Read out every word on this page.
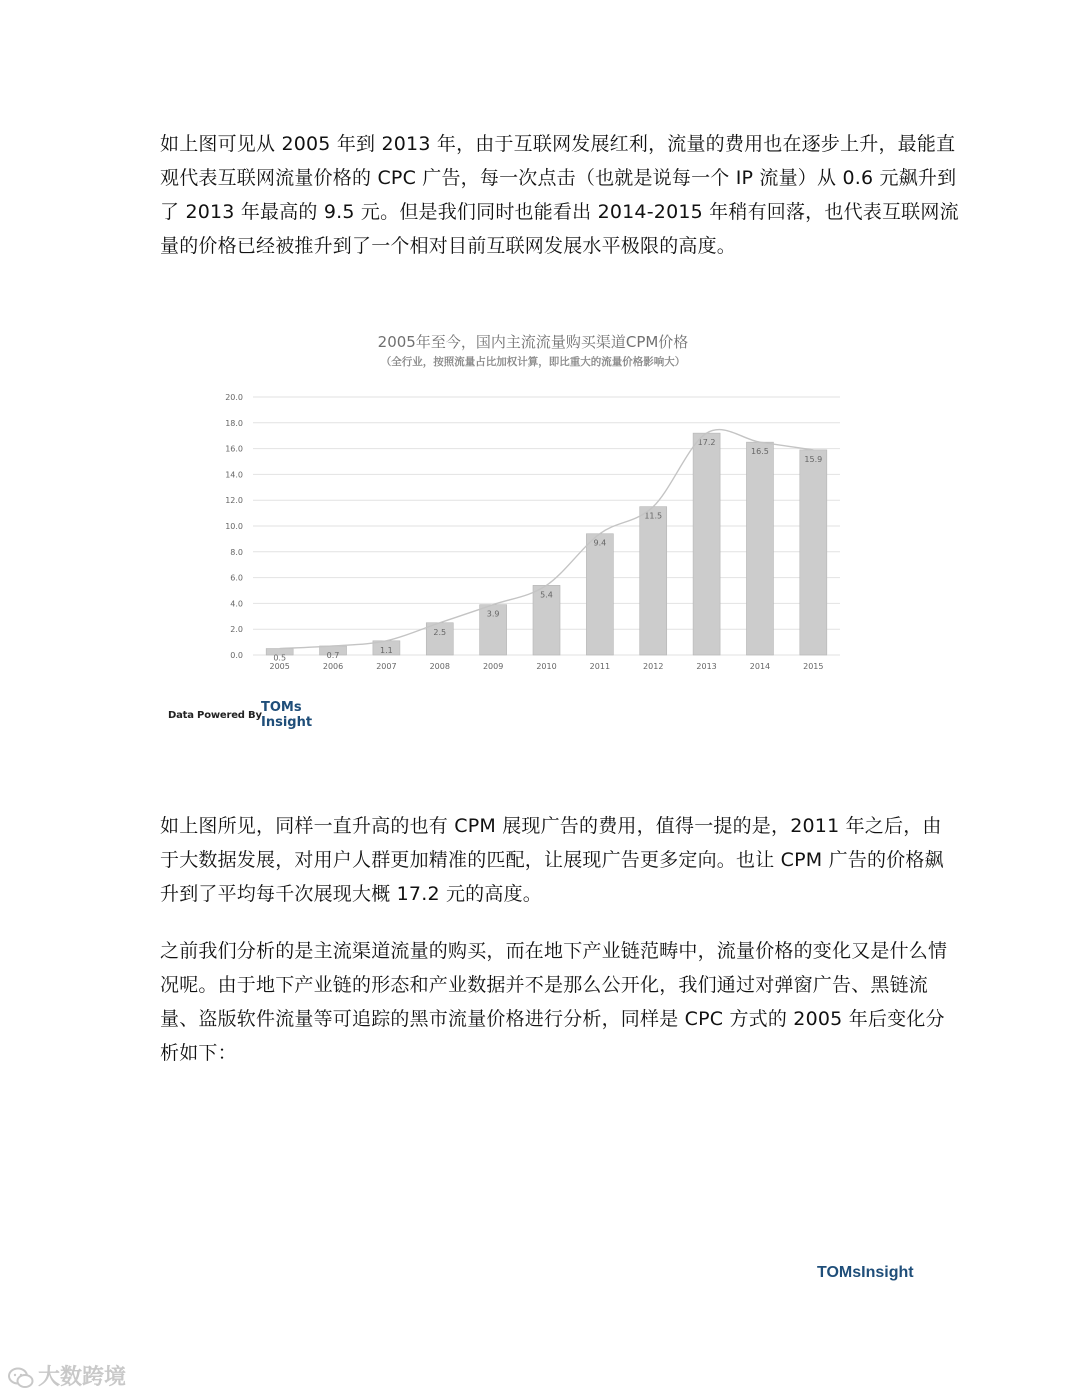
如上图可见从 2005 年到 2013 年，由于互联网发展红利，流量的费用也在逐步上升，最能直
观代表互联网流量价格的 CPC 广告，每一次点击（也就是说每一个 IP 流量）从 0.6 元飙升到
了 2013 年最高的 9.5 元。但是我们同时也能看出 2014-2015 年稍有回落，也代表互联网流
量的价格已经被推升到了一个相对目前互联网发展水平极限的高度。

2005年至今，国内主流流量购买渠道CPM价格
（全行业，按照流量占比加权计算，即比重大的流量价格影响大）
0.0
2.0
4.0
6.0
8.0
10.0
12.0
14.0
16.0
18.0
20.0
0.5
2005
0.7
2006
1.1
2007
2.5
2008
3.9
2009
5.4
2010
9.4
2011
11.5
2012
17.2
2013
16.5
2014
15.9
2015
Data Powered By
TOMs
Insight

如上图所见，同样一直升高的也有 CPM 展现广告的费用，值得一提的是，2011 年之后，由
于大数据发展，对用户人群更加精准的匹配，让展现广告更多定向。也让 CPM 广告的价格飙
升到了平均每千次展现大概 17.2 元的高度。

之前我们分析的是主流渠道流量的购买，而在地下产业链范畴中，流量价格的变化又是什么情
况呢。由于地下产业链的形态和产业数据并不是那么公开化，我们通过对弹窗广告、黑链流
量、盗版软件流量等可追踪的黑市流量价格进行分析，同样是 CPC 方式的 2005 年后变化分
析如下：

TOMsInsight
大数跨境
